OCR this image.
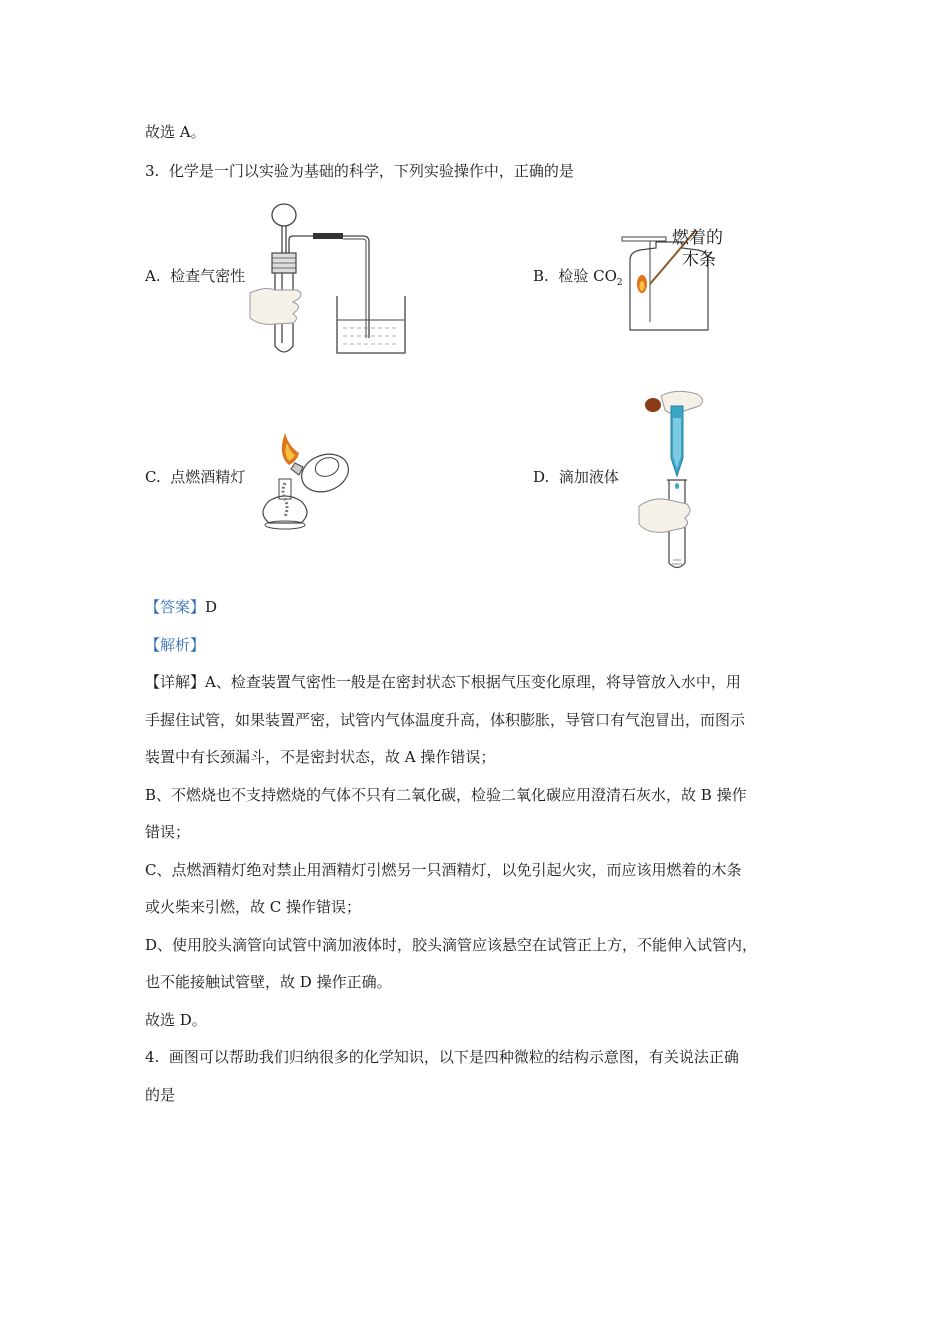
故选 A。
3. 化学是一门以实验为基础的科学，下列实验操作中，正确的是
A. 检查气密性	B. 检验 $CO_2$
燃着的
木条
C. 点燃酒精灯	D. 滴加液体
【答案】D
【解析】
【详解】A、检查装置气密性一般是在密封状态下根据气压变化原理，将导管放入水中，用
手握住试管，如果装置严密，试管内气体温度升高，体积膨胀，导管口有气泡冒出，而图示
装置中有长颈漏斗，不是密封状态，故 A 操作错误；
B、不燃烧也不支持燃烧的气体不只有二氧化碳，检验二氧化碳应用澄清石灰水，故 B 操作
错误；
C、点燃酒精灯绝对禁止用酒精灯引燃另一只酒精灯，以免引起火灾，而应该用燃着的木条
或火柴来引燃，故 C 操作错误；
D、使用胶头滴管向试管中滴加液体时，胶头滴管应该悬空在试管正上方，不能伸入试管内，
也不能接触试管壁，故 D 操作正确。
故选 D。
4. 画图可以帮助我们归纳很多的化学知识，以下是四种微粒的结构示意图，有关说法正确
的是
